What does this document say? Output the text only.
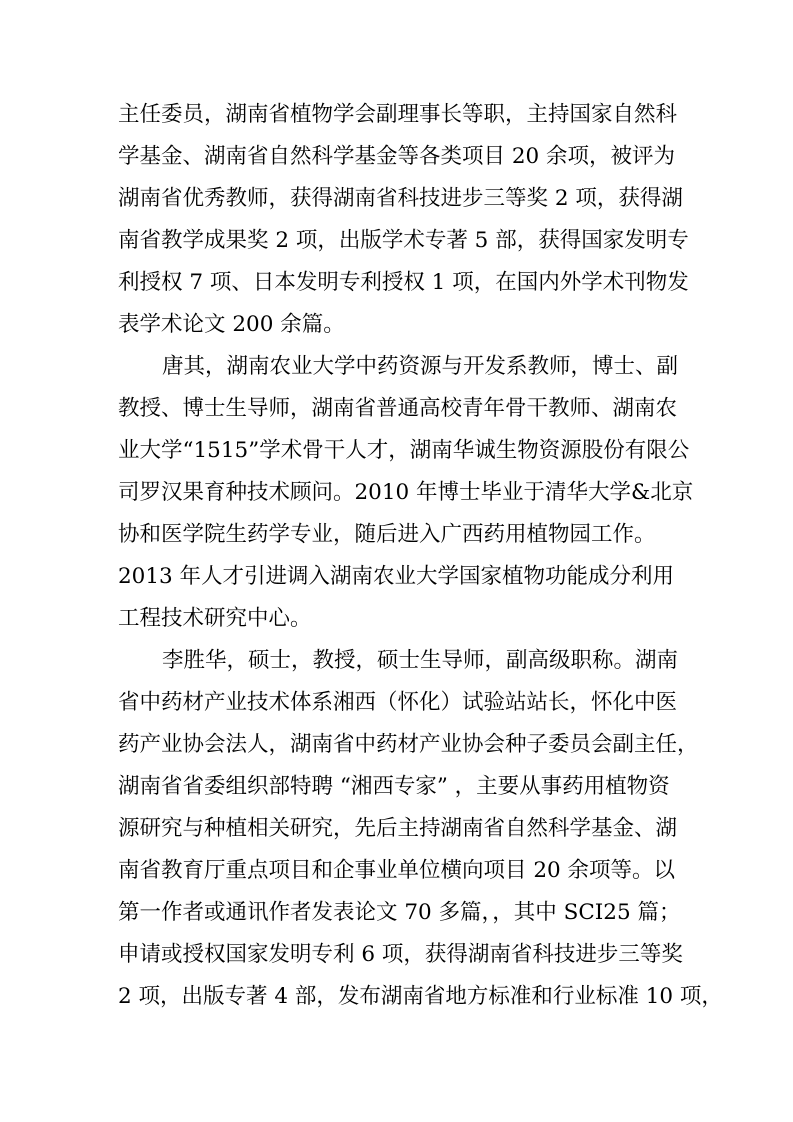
主任委员，湖南省植物学会副理事长等职，主持国家自然科
学基金、湖南省自然科学基金等各类项目 20 余项，被评为
湖南省优秀教师，获得湖南省科技进步三等奖 2 项，获得湖
南省教学成果奖 2 项，出版学术专著 5 部，获得国家发明专
利授权 7 项、日本发明专利授权 1 项，在国内外学术刊物发
表学术论文 200 余篇。
唐其，湖南农业大学中药资源与开发系教师，博士、副
教授、博士生导师，湖南省普通高校青年骨干教师、湖南农
业大学“1515”学术骨干人才，湖南华诚生物资源股份有限公
司罗汉果育种技术顾问。2010 年博士毕业于清华大学&北京
协和医学院生药学专业，随后进入广西药用植物园工作。
2013 年人才引进调入湖南农业大学国家植物功能成分利用
工程技术研究中心。
李胜华，硕士，教授，硕士生导师，副高级职称。湖南
省中药材产业技术体系湘西（怀化）试验站站长，怀化中医
药产业协会法人，湖南省中药材产业协会种子委员会副主任，
湖南省省委组织部特聘 “湘西专家” ，主要从事药用植物资
源研究与种植相关研究，先后主持湖南省自然科学基金、湖
南省教育厅重点项目和企事业单位横向项目 20 余项等。以
第一作者或通讯作者发表论文 70 多篇，，其中 SCI25 篇；
申请或授权国家发明专利 6 项，获得湖南省科技进步三等奖
2 项，出版专著 4 部，发布湖南省地方标准和行业标准 10 项，
